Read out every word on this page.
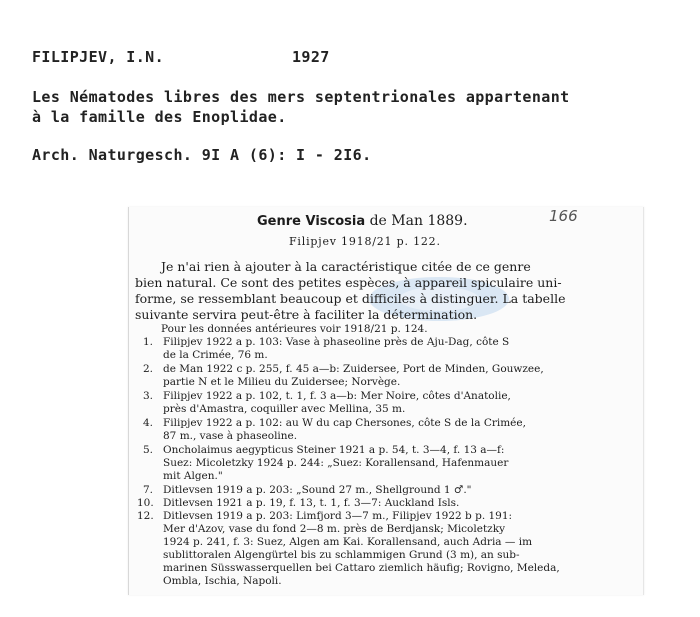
FILIPJEV, I.N.	1927
Les Nématodes libres des mers septentrionales appartenant
à la famille des Enoplidae.
Arch. Naturgesch. 9I A (6): I - 2I6.
Genre Viscosia de Man 1889.	166
Filipjev 1918/21 p. 122.
Je n'ai rien à ajouter à la caractéristique citée de ce genre
bien natural. Ce sont des petites espèces, à appareil spiculaire uni-
forme, se ressemblant beaucoup et difficiles à distinguer. La tabelle
suivante servira peut-être à faciliter la détermination.
Pour les données antérieures voir 1918/21 p. 124.
1. Filipjev 1922 a p. 103: Vase à phaseoline près de Aju-Dag, côte S
de la Crimée, 76 m.
2. de Man 1922 c p. 255, f. 45 a—b: Zuidersee, Port de Minden, Gouwzee,
partie N et le Milieu du Zuidersee; Norvège.
3. Filipjev 1922 a p. 102, t. 1, f. 3 a—b: Mer Noire, côtes d'Anatolie,
près d'Amastra, coquiller avec Mellina, 35 m.
4. Filipjev 1922 a p. 102: au W du cap Chersones, côte S de la Crimée,
87 m., vase à phaseoline.
5. Oncholaimus aegypticus Steiner 1921 a p. 54, t. 3—4, f. 13 a—f:
Suez: Micoletzky 1924 p. 244: „Suez: Korallensand, Hafenmauer
mit Algen."
7. Ditlevsen 1919 a p. 203: „Sound 27 m., Shellground 1 ♂."
10. Ditlevsen 1921 a p. 19, f. 13, t. 1, f. 3—7: Auckland Isls.
12. Ditlevsen 1919 a p. 203: Limfjord 3—7 m., Filipjev 1922 b p. 191:
Mer d'Azov, vase du fond 2—8 m. près de Berdjansk; Micoletzky
1924 p. 241, f. 3: Suez, Algen am Kai. Korallensand, auch Adria — im
sublittoralen Algengürtel bis zu schlammigen Grund (3 m), an sub-
marinen Süsswasserquellen bei Cattaro ziemlich häufig; Rovigno, Meleda,
Ombla, Ischia, Napoli.
